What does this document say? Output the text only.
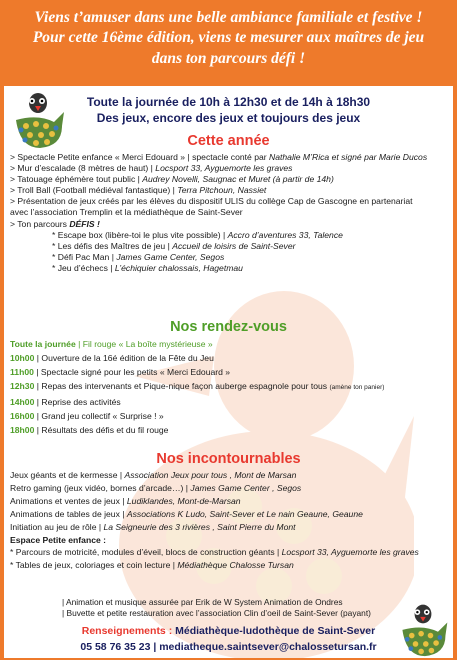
Viens t’amuser dans une belle ambiance familiale et festive !
Pour cette 16ème édition, viens te mesurer aux maîtres de jeu
dans ton parcours défi !
Toute la journée de 10h à 12h30 et de 14h à 18h30
Des jeux, encore des jeux et toujours des jeux
Cette année
> Spectacle Petite enfance « Merci Edouard » | spectacle conté par Nathalie M’Rica et signé par Marie Ducos
> Mur d’escalade (8 mètres de haut) | Locsport 33, Ayguemorte les graves
> Tatouage éphémère tout public | Audrey Novelli, Saugnac et Muret (à partir de 14h)
> Troll Ball (Football médiéval fantastique) | Terra Pitchoun, Nassiet
> Présentation de jeux créés par les élèves du dispositif ULIS du collège Cap de Gascogne en partenariat
avec l’association Tremplin et la médiathèque de Saint-Sever
> Ton parcours DÉFIS !
* Escape box (libère-toi le plus vite possible) | Accro d’aventures 33, Talence
* Les défis des Maîtres de jeu | Accueil de loisirs de Saint-Sever
* Défi Pac Man | James Game Center, Segos
* Jeu d’échecs | L’échiquier chalossais, Hagetmau
Nos rendez-vous
Toute la journée | Fil rouge « La boîte mystérieuse »
10h00 | Ouverture de la 16é édition de la Fête du Jeu
11h00 | Spectacle signé pour les petits « Merci Edouard »
12h30 | Repas des intervenants et Pique-nique façon auberge espagnole pour tous (amène ton panier)
14h00 | Reprise des activités
16h00 | Grand jeu collectif « Surprise ! »
18h00 | Résultats des défis et du fil rouge
Nos incontournables
Jeux géants et de kermesse | Association Jeux pour tous , Mont de Marsan
Retro gaming (jeux vidéo, bornes d’arcade…) | James Game Center , Segos
Animations et ventes de jeux | Ludiklandes, Mont-de-Marsan
Animations de tables de jeux | Associations K Ludo, Saint-Sever et Le nain Geaune, Geaune
Initiation au jeu de rôle | La Seigneurie des 3 rivières , Saint Pierre du Mont
Espace Petite enfance :
* Parcours de motricité, modules d’éveil, blocs de construction géants | Locsport 33, Ayguemorte les graves
* Tables de jeux, coloriages et coin lecture | Médiathèque Chalosse Tursan
| Animation et musique assurée par Erik de W System Animation de Ondres
| Buvette et petite restauration avec l’association Clin d’oeil de Saint-Sever (payant)
Renseignements : Médiathèque-ludothèque de Saint-Sever
05 58 76 35 23 | mediatheque.saintsever@chalossetursan.fr
